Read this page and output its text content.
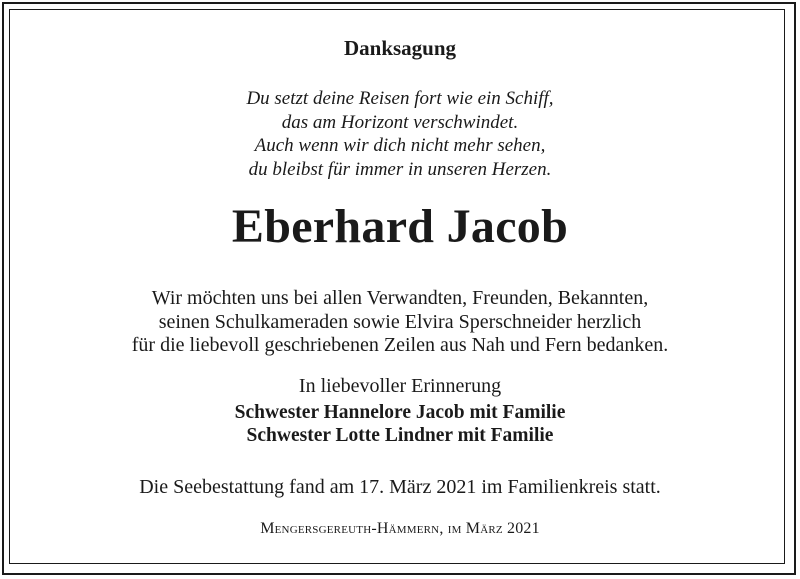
Danksagung
Du setzt deine Reisen fort wie ein Schiff,
das am Horizont verschwindet.
Auch wenn wir dich nicht mehr sehen,
du bleibst für immer in unseren Herzen.
Eberhard Jacob
Wir möchten uns bei allen Verwandten, Freunden, Bekannten,
seinen Schulkameraden sowie Elvira Sperschneider herzlich
für die liebevoll geschriebenen Zeilen aus Nah und Fern bedanken.
In liebevoller Erinnerung
Schwester Hannelore Jacob mit Familie
Schwester Lotte Lindner mit Familie
Die Seebestattung fand am 17. März 2021 im Familienkreis statt.
Mengersgereuth-Hämmern, im März 2021
